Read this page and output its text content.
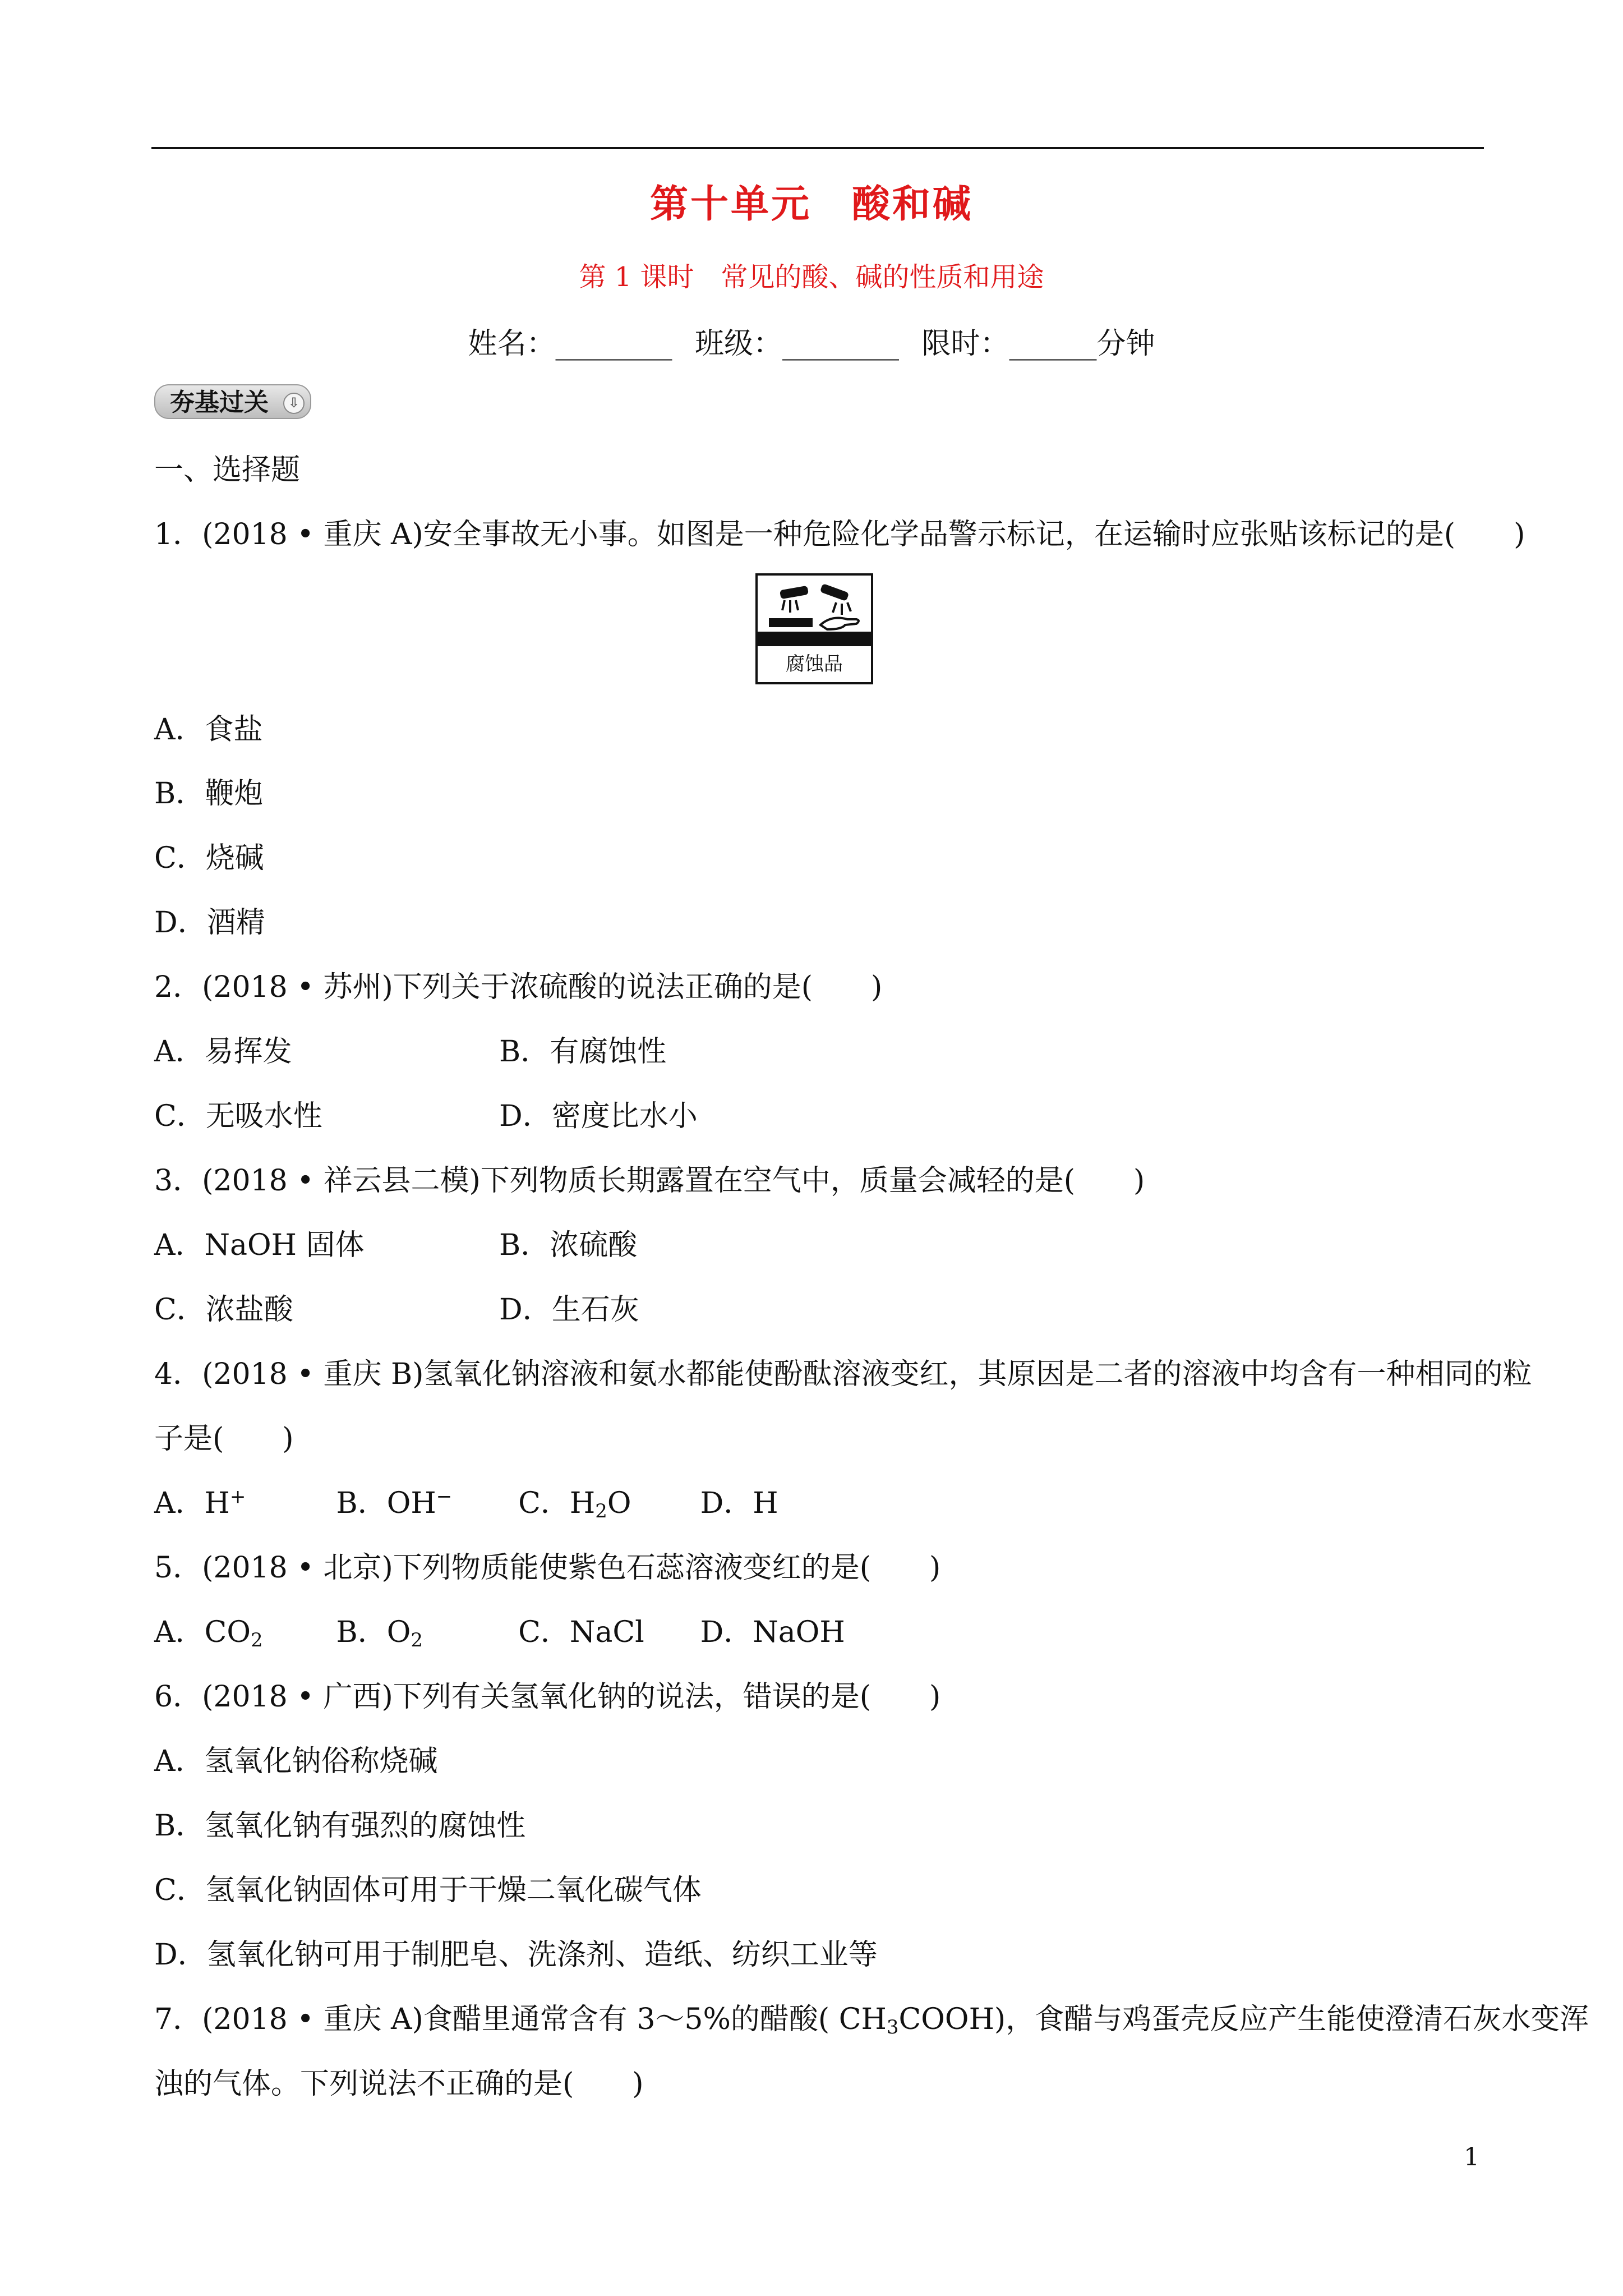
第十单元　酸和碱
第 1 课时　常见的酸、碱的性质和用途
姓名：________ 班级：________ 限时：______分钟
夯基过关	⇩
一、选择题
1．(2018 • 重庆 A)安全事故无小事。如图是一种危险化学品警示标记，在运输时应张贴该标记的是(　　)
腐蚀品
A．食盐
B．鞭炮
C．烧碱
D．酒精
2．(2018 • 苏州)下列关于浓硫酸的说法正确的是(　　)
A．易挥发	B．有腐蚀性
C．无吸水性	D．密度比水小
3．(2018 • 祥云县二模)下列物质长期露置在空气中，质量会减轻的是(　　)
A．NaOH 固体	B．浓硫酸
C．浓盐酸	D．生石灰
4．(2018 • 重庆 B)氢氧化钠溶液和氨水都能使酚酞溶液变红，其原因是二者的溶液中均含有一种相同的粒
子是(　　)
A．H+	B．OH− C．$H_2O$ D．H
5．(2018 • 北京)下列物质能使紫色石蕊溶液变红的是(　　)
A．$CO_2$	B．$O_2$	C．NaCl D．NaOH
6．(2018 • 广西)下列有关氢氧化钠的说法，错误的是(　　)
A．氢氧化钠俗称烧碱
B．氢氧化钠有强烈的腐蚀性
C．氢氧化钠固体可用于干燥二氧化碳气体
D．氢氧化钠可用于制肥皂、洗涤剂、造纸、纺织工业等
7．(2018 • 重庆 A)食醋里通常含有 3～5%的醋酸( $CH_3COOH$)，食醋与鸡蛋壳反应产生能使澄清石灰水变浑
浊的气体。下列说法不正确的是(　　)
1
